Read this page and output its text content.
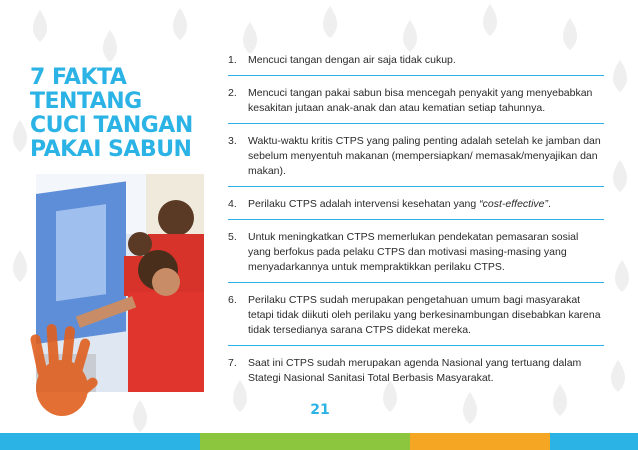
7 FAKTA
TENTANG
CUCI TANGAN
PAKAI SABUN
1.	Mencuci tangan dengan air saja tidak cukup.
2.	Mencuci tangan pakai sabun bisa mencegah penyakit yang menyebabkan kesakitan jutaan anak-anak dan atau kematian setiap tahunnya.
3.	Waktu-waktu kritis CTPS yang paling penting adalah setelah ke jamban dan sebelum menyentuh makanan (mempersiapkan/ memasak/menyajikan dan makan).
4.	Perilaku CTPS adalah intervensi kesehatan yang “cost-effective”.
5.	Untuk meningkatkan CTPS memerlukan pendekatan pemasaran sosial yang berfokus pada pelaku CTPS dan motivasi masing-masing yang menyadarkannya untuk mempraktikkan perilaku CTPS.
6.	Perilaku CTPS sudah merupakan pengetahuan umum bagi masyarakat tetapi tidak diikuti oleh perilaku yang berkesinambungan disebabkan karena tidak tersedianya sarana CTPS didekat mereka.
7.	Saat ini CTPS sudah merupakan agenda Nasional yang tertuang dalam Stategi Nasional Sanitasi Total Berbasis Masyarakat.
21
